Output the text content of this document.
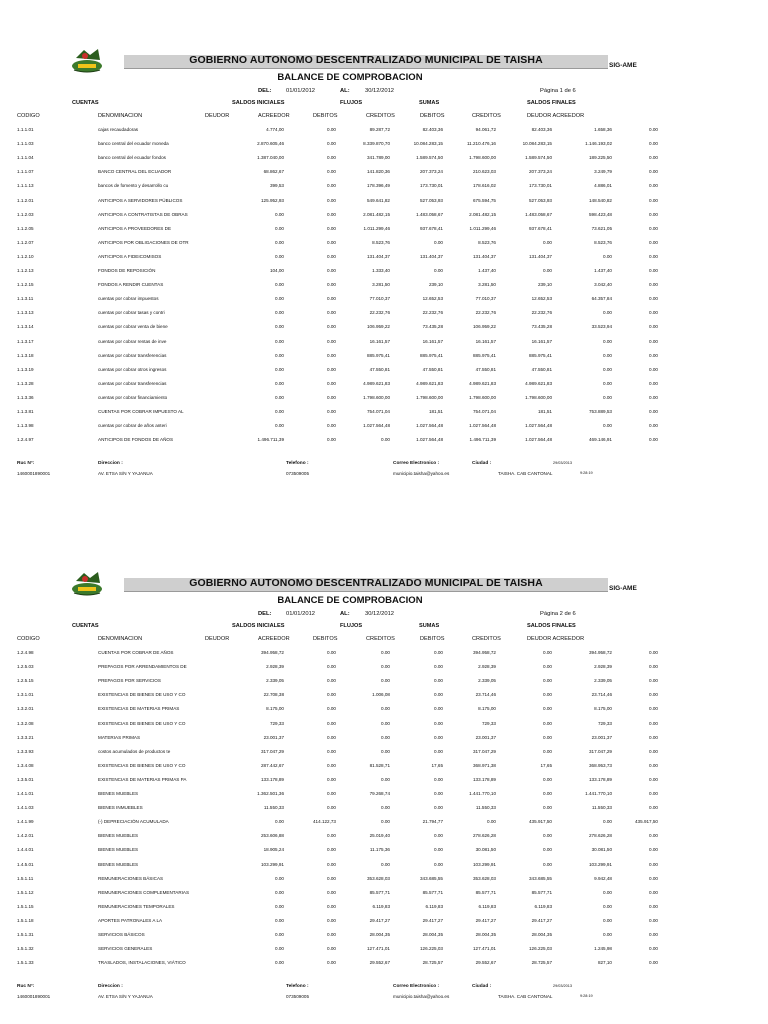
GOBIERNO AUTONOMO DESCENTRALIZADO MUNICIPAL DE TAISHA	SIG-AME
BALANCE DE COMPROBACION
DEL: 01/01/2012	AL:	30/12/2012	Página 1 de 6
CUENTAS	SALDOS INICIALES	FLUJOS	SUMAS	SALDOS FINALES
CODIGO	DENOMINACION	DEUDOR	ACREEDOR	DEBITOS	CREDITOS	DEBITOS	CREDITOS	DEUDOR ACREEDOR
1.1.1.01	cajas recaudadoras	4.774,00	0.00	89.287,72	82.403,36	94.061,72	82.403,36	1.658,36	0.00
1.1.1.03	banco central del ecuador moneda	2.870.605,46	0.00	8.339.870,70	10.084.283,15	11.210.476,16	10.084.283,15	1.146.193,02	0.00
1.1.1.04	banco central del ecuador fondos	1.387.040,00	0.00	341.789,00	1.589.574,50	1.798.600,00	1.589.574,50	189.225,50	0.00
1.1.1.07	BANCO CENTRAL DEL ECUADOR	68.862,67	0.00	141.820,36	207.373,24	210.623,03	207.373,24	3.249,79	0.00
1.1.1.13	bancos de fomento y desarrollo cu	399,53	0.00	178.396,49	173.730,01	178.616,02	173.730,01	4.886,01	0.00
1.1.2.01	ANTICIPOS A SERVIDORES PÚBLICOS	125.952,93	0.00	549.641,82	527.053,93	675.594,75	527.053,93	148.540,82	0.00
1.1.2.03	ANTICIPOS A CONTRATISTAS DE OBRAS	0.00	0.00	2.081.482,15	1.483.058,67	2.081.482,15	1.483.058,67	598.423,48	0.00
1.1.2.05	ANTICIPOS A PROVEEDORES DE	0.00	0.00	1.011.299,46	937.678,41	1.011.299,46	937.678,41	73.621,05	0.00
1.1.2.07	ANTICIPOS POR OBLIGACIONES DE OTR	0.00	0.00	8.523,76	0.00	8.523,76	0.00	8.523,76	0.00
1.1.2.10	ANTICIPOS A FIDEICOMISOS	0.00	0.00	131.404,37	131.404,37	131.404,37	131.404,37	0.00	0.00
1.1.2.13	FONDOS DE REPOSICIÓN	104,00	0.00	1.333,40	0.00	1.437,40	0.00	1.437,40	0.00
1.1.2.15	FONDOS A RENDIR CUENTAS	0.00	0.00	3.281,50	239,10	3.281,50	239,10	3.042,40	0.00
1.1.3.11	cuentas por cobrar impuestos	0.00	0.00	77.010,37	12.652,53	77.010,37	12.652,53	64.357,84	0.00
1.1.3.13	cuentas por cobrar tasas y contri	0.00	0.00	22.232,76	22.232,76	22.232,76	22.232,76	0.00	0.00
1.1.3.14	cuentas por cobrar venta de biene	0.00	0.00	106.959,22	73.435,28	106.959,22	73.435,28	33.523,94	0.00
1.1.3.17	cuentas por cobrar rentas de inve	0.00	0.00	16.161,57	16.161,57	16.161,57	16.161,57	0.00	0.00
1.1.3.18	cuentas por cobrar transferencias	0.00	0.00	885.975,41	885.975,41	885.975,41	885.975,41	0.00	0.00
1.1.3.19	cuentas por cobrar otros ingresos	0.00	0.00	47.550,81	47.550,81	47.550,81	47.550,81	0.00	0.00
1.1.3.28	cuentas por cobrar transferencias	0.00	0.00	4.989.621,83	4.989.621,83	4.989.621,83	4.989.621,83	0.00	0.00
1.1.3.36	cuentas por cobrar financiamiento	0.00	0.00	1.798.600,00	1.798.600,00	1.798.600,00	1.798.600,00	0.00	0.00
1.1.3.81	CUENTAS POR COBRAR IMPUESTO AL	0.00	0.00	754.071,04	181,51	754.071,04	181,51	753.889,53	0.00
1.1.3.98	cuentas por cobrar de años anteri	0.00	0.00	1.027.564,48	1.027.564,48	1.027.564,48	1.027.564,48	0.00	0.00
1.2.4.97	ANTICIPOS DE FONDOS DE AÑOS	1.496.711,39	0.00	0.00	1.027.564,48	1.496.711,39	1.027.564,48	469.146,91	0.00
Ruc N°:
1460001890001
Direccion :
AV. ETSA S/N Y YAJANUA
Telefono :
073509005
Correo Electronico :
municipio.taisha@yahoo.es
Ciudad :
TAISHA. CAB CANTONAL
29/03/2013
9:28:19
GOBIERNO AUTONOMO DESCENTRALIZADO MUNICIPAL DE TAISHA	SIG-AME
BALANCE DE COMPROBACION
DEL: 01/01/2012	AL:	30/12/2012	Página 2 de 6
CUENTAS	SALDOS INICIALES	FLUJOS	SUMAS	SALDOS FINALES
CODIGO	DENOMINACION	DEUDOR	ACREEDOR	DEBITOS	CREDITOS	DEBITOS	CREDITOS	DEUDOR ACREEDOR
1.2.4.98	CUENTAS POR COBRAR DE AÑOS	394.958,72	0.00	0.00	0.00	394.958,72	0.00	394.958,72	0.00
1.2.5.03	PREPAGOS POR ARRENDAMIENTOS DE	2.928,39	0.00	0.00	0.00	2.928,39	0.00	2.928,39	0.00
1.2.5.15	PREPAGOS POR SERVICIOS	2.339,05	0.00	0.00	0.00	2.339,05	0.00	2.339,05	0.00
1.3.1.01	EXISTENCIAS DE BIENES DE USO Y CO	22.708,38	0.00	1.006,08	0.00	23.714,46	0.00	23.714,46	0.00
1.3.2.01	EXISTENCIAS DE MATERIAS PRIMAS	8.175,00	0.00	0.00	0.00	8.175,00	0.00	8.175,00	0.00
1.3.2.08	EXISTENCIAS DE BIENES DE USO Y CO	729,33	0.00	0.00	0.00	729,33	0.00	729,33	0.00
1.3.3.21	MATERIAS PRIMAS	23.001,37	0.00	0.00	0.00	23.001,37	0.00	23.001,37	0.00
1.3.3.93	costos acumulados de productos te	317.047,29	0.00	0.00	0.00	317.047,29	0.00	317.047,29	0.00
1.3.4.08	EXISTENCIAS DE BIENES DE USO Y CO	287.442,67	0.00	81.528,71	17,65	368.971,38	17,65	368.953,73	0.00
1.3.5.01	EXISTENCIAS DE MATERIAS PRIMAS PA	133.178,89	0.00	0.00	0.00	133.178,89	0.00	133.178,89	0.00
1.4.1.01	BIENES MUEBLES	1.362.501,36	0.00	79.268,74	0.00	1.441.770,10	0.00	1.441.770,10	0.00
1.4.1.03	BIENES INMUEBLES	11.550,33	0.00	0.00	0.00	11.550,33	0.00	11.550,33	0.00
1.4.1.99	(-) DEPRECIACIÓN ACUMULADA	0.00	414.122,73	0.00	21.794,77	0.00	435.917,50	0.00	435.917,50
1.4.2.01	BIENES MUEBLES	253.606,88	0.00	25.019,40	0.00	278.626,28	0.00	278.626,28	0.00
1.4.4.01	BIENES MUEBLES	18.905,24	0.00	11.175,36	0.00	30.081,50	0.00	30.081,50	0.00
1.4.5.01	BIENES MUEBLES	103.299,91	0.00	0.00	0.00	103.299,91	0.00	103.299,91	0.00
1.5.1.11	REMUNERACIONES BÁSICAS	0.00	0.00	353.628,03	343.685,55	353.628,03	343.685,55	9.942,48	0.00
1.5.1.12	REMUNERACIONES COMPLEMENTARIAS	0.00	0.00	85.577,71	85.577,71	85.577,71	85.577,71	0.00	0.00
1.5.1.15	REMUNERACIONES TEMPORALES	0.00	0.00	6.119,83	6.119,83	6.119,83	6.119,83	0.00	0.00
1.5.1.18	APORTES PATRONALES A LA	0.00	0.00	29.417,27	29.417,27	29.417,27	29.417,27	0.00	0.00
1.5.1.31	SERVICIOS BÁSICOS	0.00	0.00	28.004,35	28.004,35	28.004,35	28.004,35	0.00	0.00
1.5.1.32	SERVICIOS GENERALES	0.00	0.00	127.471,01	126.225,03	127.471,01	126.225,03	1.245,98	0.00
1.5.1.33	TRASLADOS, INSTALACIONES, VIÁTICO	0.00	0.00	29.552,67	28.725,57	29.552,67	28.725,57	827,10	0.00
Ruc N°:
1460001890001
Direccion :
AV. ETSA S/N Y YAJANUA
Telefono :
073509005
Correo Electronico :
municipio.taisha@yahoo.es
Ciudad :
TAISHA. CAB CANTONAL
29/03/2013
9:28:19
